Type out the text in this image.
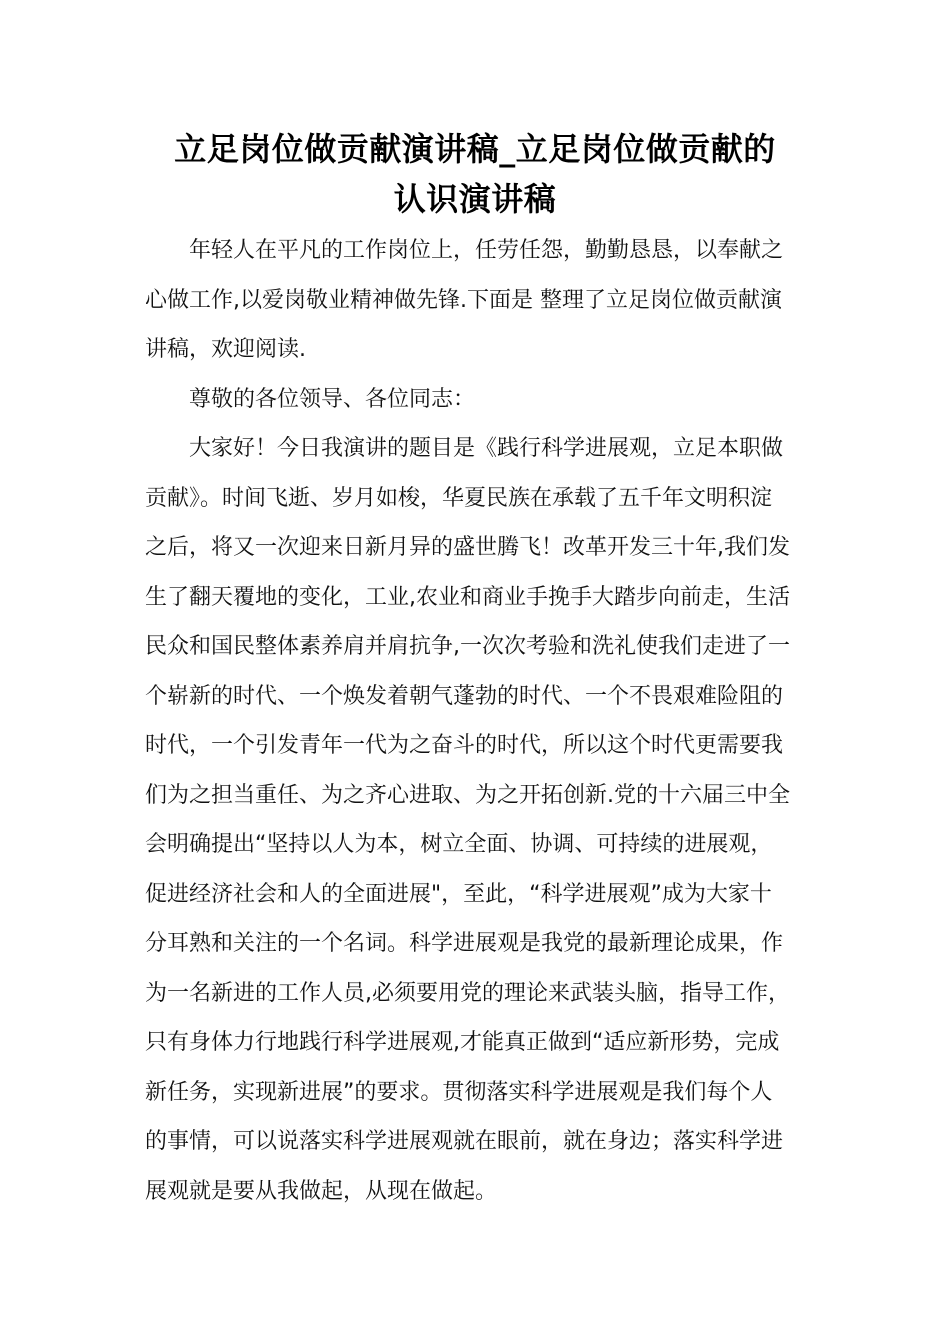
立足岗位做贡献演讲稿_立足岗位做贡献的
认识演讲稿

年轻人在平凡的工作岗位上，任劳任怨，勤勤恳恳，以奉献之
心做工作,以爱岗敬业精神做先锋.下面是 整理了立足岗位做贡献演
讲稿，欢迎阅读.

尊敬的各位领导、各位同志：

大家好！今日我演讲的题目是《践行科学进展观，立足本职做
贡献》。时间飞逝、岁月如梭，华夏民族在承载了五千年文明积淀
之后，将又一次迎来日新月异的盛世腾飞！改革开发三十年,我们发
生了翻天覆地的变化，工业,农业和商业手挽手大踏步向前走，生活
民众和国民整体素养肩并肩抗争,一次次考验和洗礼使我们走进了一
个崭新的时代、一个焕发着朝气蓬勃的时代、一个不畏艰难险阻的
时代，一个引发青年一代为之奋斗的时代，所以这个时代更需要我
们为之担当重任、为之齐心进取、为之开拓创新.党的十六届三中全
会明确提出“坚持以人为本，树立全面、协调、可持续的进展观，
促进经济社会和人的全面进展"，至此，“科学进展观”成为大家十
分耳熟和关注的一个名词。科学进展观是我党的最新理论成果，作
为一名新进的工作人员,必须要用党的理论来武装头脑，指导工作，
只有身体力行地践行科学进展观,才能真正做到“适应新形势，完成
新任务，实现新进展”的要求。贯彻落实科学进展观是我们每个人
的事情，可以说落实科学进展观就在眼前，就在身边；落实科学进
展观就是要从我做起，从现在做起。
